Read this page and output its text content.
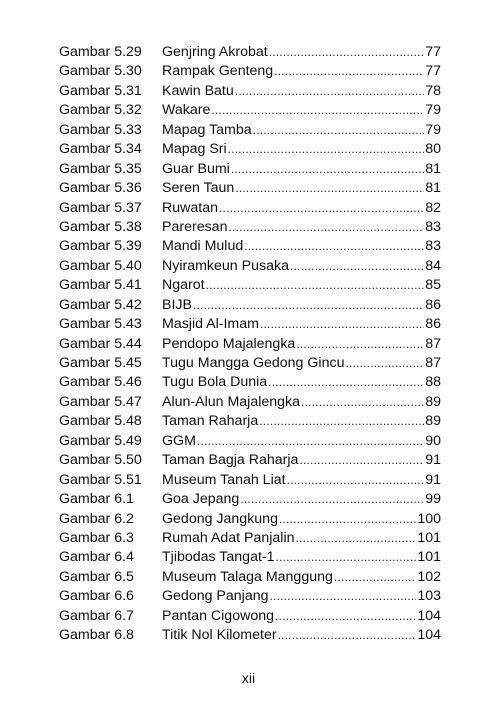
Gambar 5.29	Genjring Akrobat .....	77
Gambar 5.30	Rampak Genteng .....	77
Gambar 5.31	Kawin Batu .....	78
Gambar 5.32	Wakare .....	79
Gambar 5.33	Mapag Tamba .....	79
Gambar 5.34	Mapag Sri .....	80
Gambar 5.35	Guar Bumi .....	81
Gambar 5.36	Seren Taun .....	81
Gambar 5.37	Ruwatan .....	82
Gambar 5.38	Pareresan .....	83
Gambar 5.39	Mandi Mulud .....	83
Gambar 5.40	Nyiramkeun Pusaka .....	84
Gambar 5.41	Ngarot .....	85
Gambar 5.42	BIJB .....	86
Gambar 5.43	Masjid Al-Imam .....	86
Gambar 5.44	Pendopo Majalengka .....	87
Gambar 5.45	Tugu Mangga Gedong Gincu .....	87
Gambar 5.46	Tugu Bola Dunia .....	88
Gambar 5.47	Alun-Alun Majalengka .....	89
Gambar 5.48	Taman Raharja .....	89
Gambar 5.49	GGM .....	90
Gambar 5.50	Taman Bagja Raharja .....	91
Gambar 5.51	Museum Tanah Liat .....	91
Gambar 6.1	Goa Jepang .....	99
Gambar 6.2	Gedong Jangkung .....	100
Gambar 6.3	Rumah Adat Panjalin .....	101
Gambar 6.4	Tjibodas Tangat-1 .....	101
Gambar 6.5	Museum Talaga Manggung .....	102
Gambar 6.6	Gedong Panjang .....	103
Gambar 6.7	Pantan Cigowong .....	104
Gambar 6.8	Titik Nol Kilometer .....	104
xii
